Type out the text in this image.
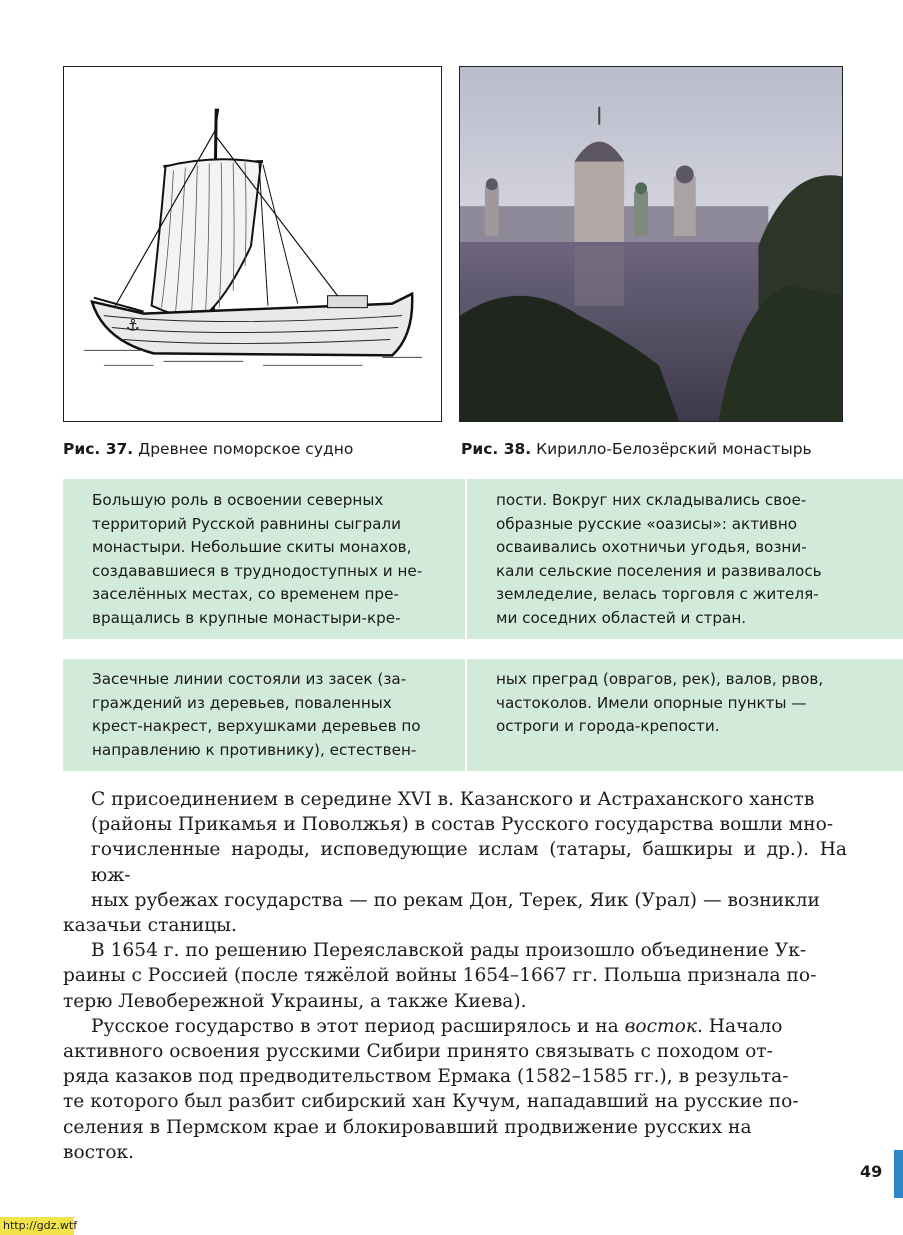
⚓
Рис. 37. Древнее поморское судно	Рис. 38. Кирилло-Белозёрский монастырь

Большую роль в освоении северных
территорий Русской равнины сыграли
монастыри. Небольшие скиты монахов,
создававшиеся в труднодоступных и не-
заселённых местах, со временем пре-
вращались в крупные монастыри-кре-

пости. Вокруг них складывались свое-
образные русские «оазисы»: активно
осваивались охотничьи угодья, возни-
кали сельские поселения и развивалось
земледелие, велась торговля с жителя-
ми соседних областей и стран.

Засечные линии состояли из засек (за-
граждений из деревьев, поваленных
крест-накрест, верхушками деревьев по
направлению к противнику), естествен-

ных преград (оврагов, рек), валов, рвов,
частоколов. Имели опорные пункты —
остроги и города-крепости.

С присоединением в середине XVI в. Казанского и Астраханского ханств
(районы Прикамья и Поволжья) в состав Русского государства вошли мно-
гочисленные народы, исповедующие ислам (татары, башкиры и др.). На юж-
ных рубежах государства — по рекам Дон, Терек, Яик (Урал) — возникли
казачьи станицы.

В 1654 г. по решению Переяславской рады произошло объединение Ук-
раины с Россией (после тяжёлой войны 1654–1667 гг. Польша признала по-
терю Левобережной Украины, а также Киева).

Русское государство в этот период расширялось и на восток. Начало
активного освоения русскими Сибири принято связывать с походом от-
ряда казаков под предводительством Ермака (1582–1585 гг.), в результа-
те которого был разбит сибирский хан Кучум, нападавший на русские по-
селения в Пермском крае и блокировавший продвижение русских на
восток.

49
http://gdz.wtf
